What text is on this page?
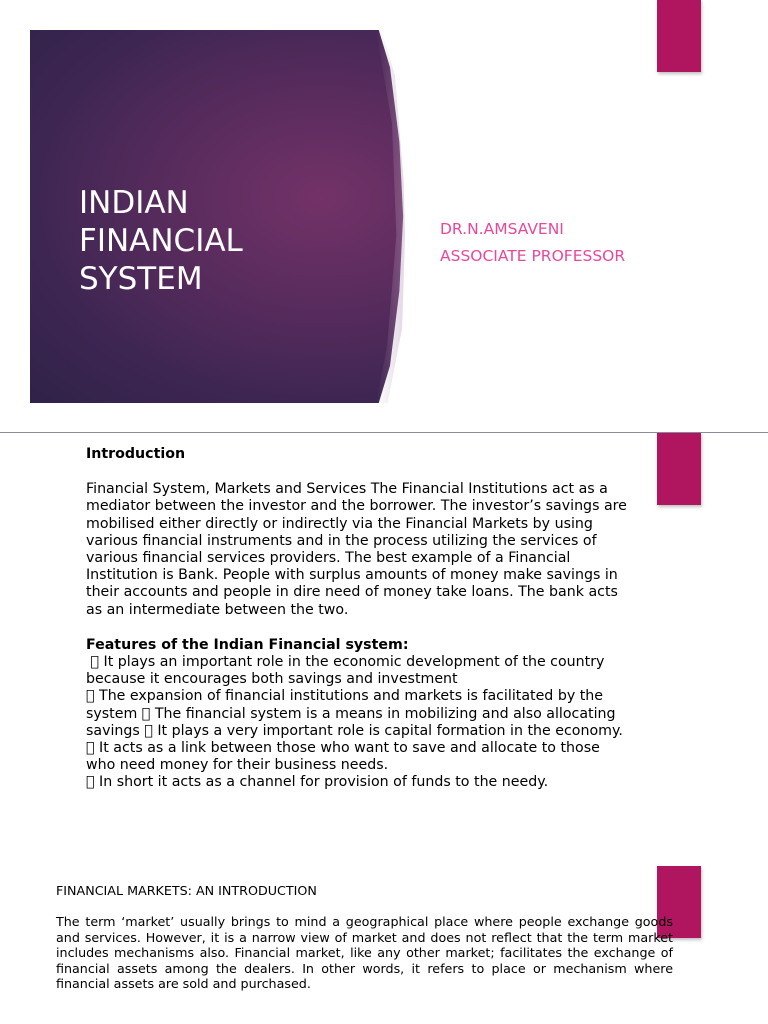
INDIAN
FINANCIAL
SYSTEM
DR.N.AMSAVENI
ASSOCIATE PROFESSOR
Introduction

Financial System, Markets and Services The Financial Institutions act as a mediator between the investor and the borrower. The investor’s savings are mobilised either directly or indirectly via the Financial Markets by using various financial instruments and in the process utilizing the services of various financial services providers. The best example of a Financial Institution is Bank. People with surplus amounts of money make savings in their accounts and people in dire need of money take loans. The bank acts as an intermediate between the two.

Features of the Indian Financial system:
It plays an important role in the economic development of the country
because it encourages both savings and investment
The expansion of financial institutions and markets is facilitated by the
system The financial system is a means in mobilizing and also allocating
savings It plays a very important role is capital formation in the economy.
It acts as a link between those who want to save and allocate to those
who need money for their business needs.
In short it acts as a channel for provision of funds to the needy.
FINANCIAL MARKETS: AN INTRODUCTION

The term ‘market’ usually brings to mind a geographical place where people exchange goods and services. However, it is a narrow view of market and does not reflect that the term market includes mechanisms also. Financial market, like any other market; facilitates the exchange of financial assets among the dealers. In other words, it refers to place or mechanism where financial assets are sold and purchased.
